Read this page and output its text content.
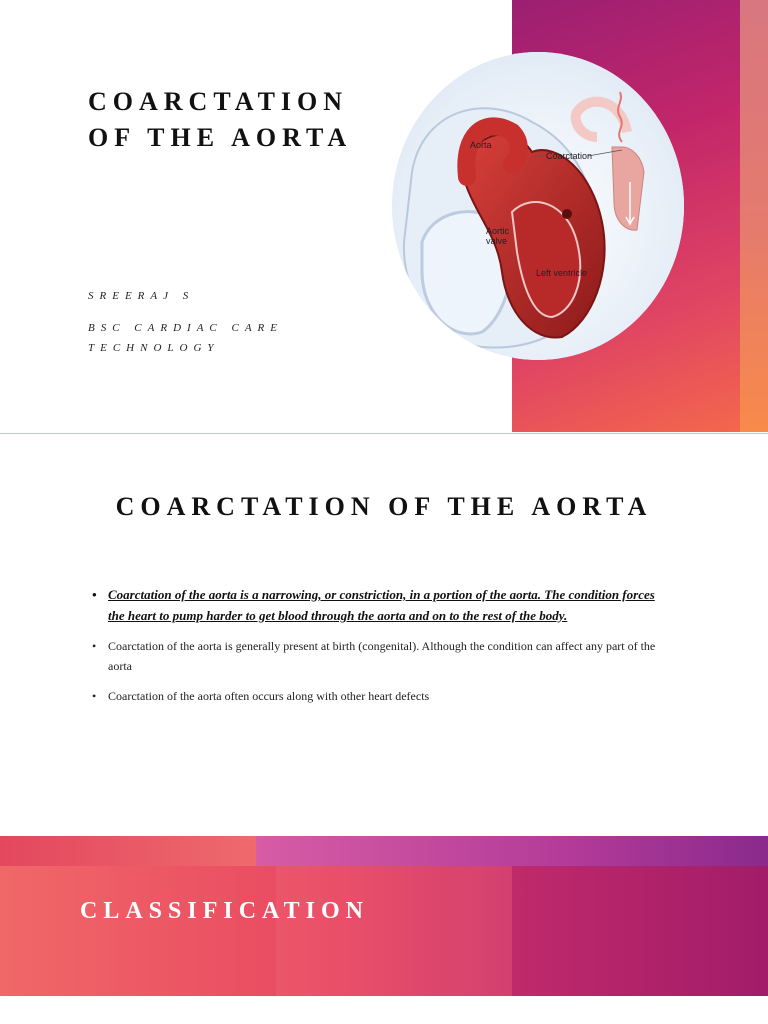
COARCTATION
OF THE AORTA

SREERAJ S

BSC CARDIAC CARE
TECHNOLOGY

Aorta
Coarctation
Aortic
valve
Left ventricle
COARCTATION OF THE AORTA
• Coarctation of the aorta is a narrowing, or constriction, in a portion of the aorta. The condition forces the heart to pump harder to get blood through the aorta and on to the rest of the body.
• Coarctation of the aorta is generally present at birth (congenital). Although the condition can affect any part of the aorta
• Coarctation of the aorta often occurs along with other heart defects
CLASSIFICATION
